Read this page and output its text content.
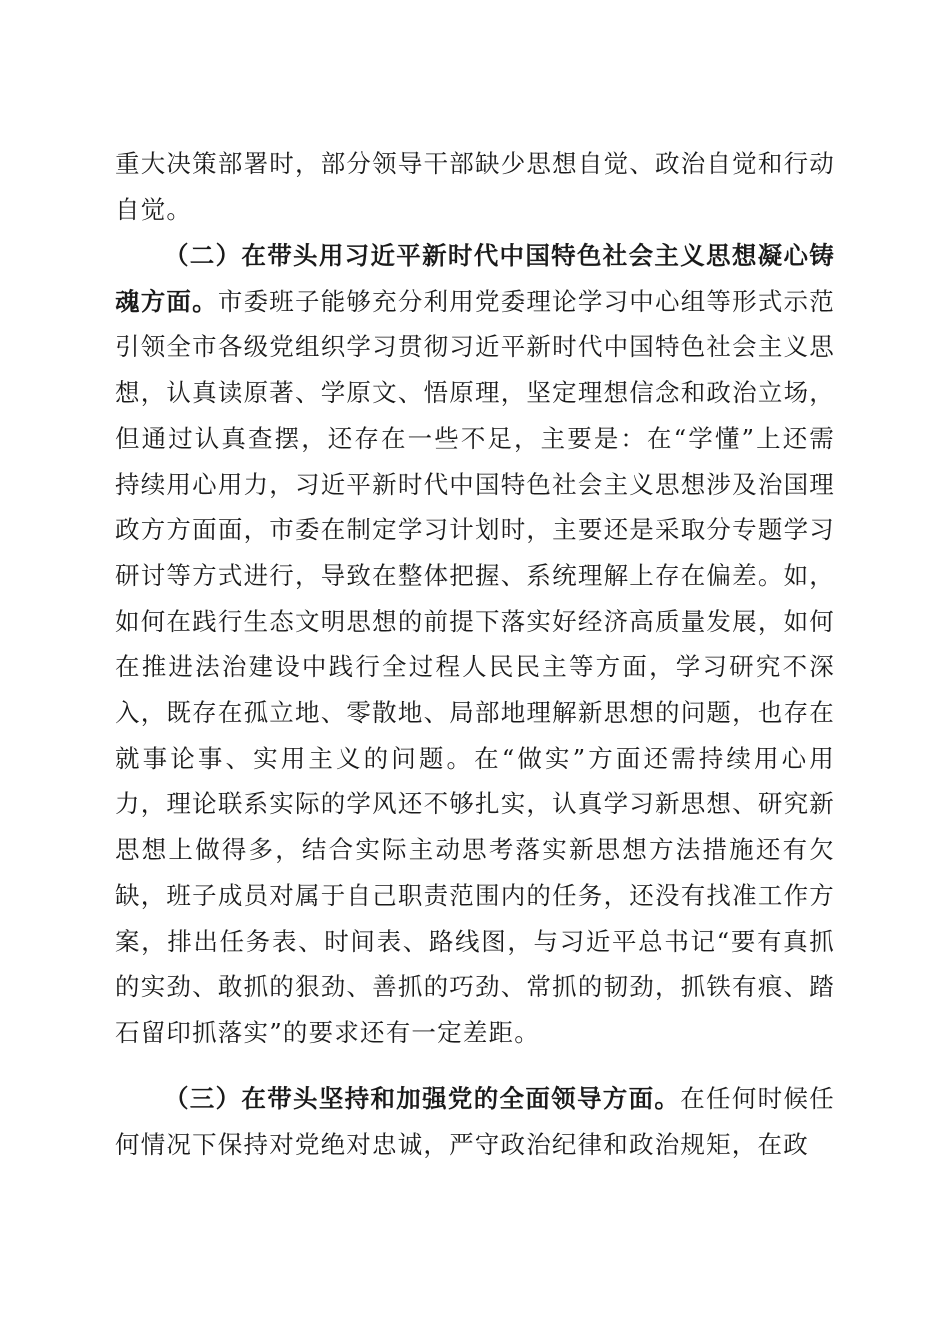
重大决策部署时，部分领导干部缺少思想自觉、政治自觉和行动自觉。

（二）在带头用习近平新时代中国特色社会主义思想凝心铸魂方面。市委班子能够充分利用党委理论学习中心组等形式示范引领全市各级党组织学习贯彻习近平新时代中国特色社会主义思想，认真读原著、学原文、悟原理，坚定理想信念和政治立场，但通过认真查摆，还存在一些不足，主要是：在“学懂”上还需持续用心用力，习近平新时代中国特色社会主义思想涉及治国理政方方面面，市委在制定学习计划时，主要还是采取分专题学习研讨等方式进行，导致在整体把握、系统理解上存在偏差。如，如何在践行生态文明思想的前提下落实好经济高质量发展，如何在推进法治建设中践行全过程人民民主等方面，学习研究不深入，既存在孤立地、零散地、局部地理解新思想的问题，也存在就事论事、实用主义的问题。在“做实”方面还需持续用心用力，理论联系实际的学风还不够扎实，认真学习新思想、研究新思想上做得多，结合实际主动思考落实新思想方法措施还有欠缺，班子成员对属于自己职责范围内的任务，还没有找准工作方案，排出任务表、时间表、路线图，与习近平总书记“要有真抓的实劲、敢抓的狠劲、善抓的巧劲、常抓的韧劲，抓铁有痕、踏石留印抓落实”的要求还有一定差距。

（三）在带头坚持和加强党的全面领导方面。在任何时候任何情况下保持对党绝对忠诚，严守政治纪律和政治规矩，在政
